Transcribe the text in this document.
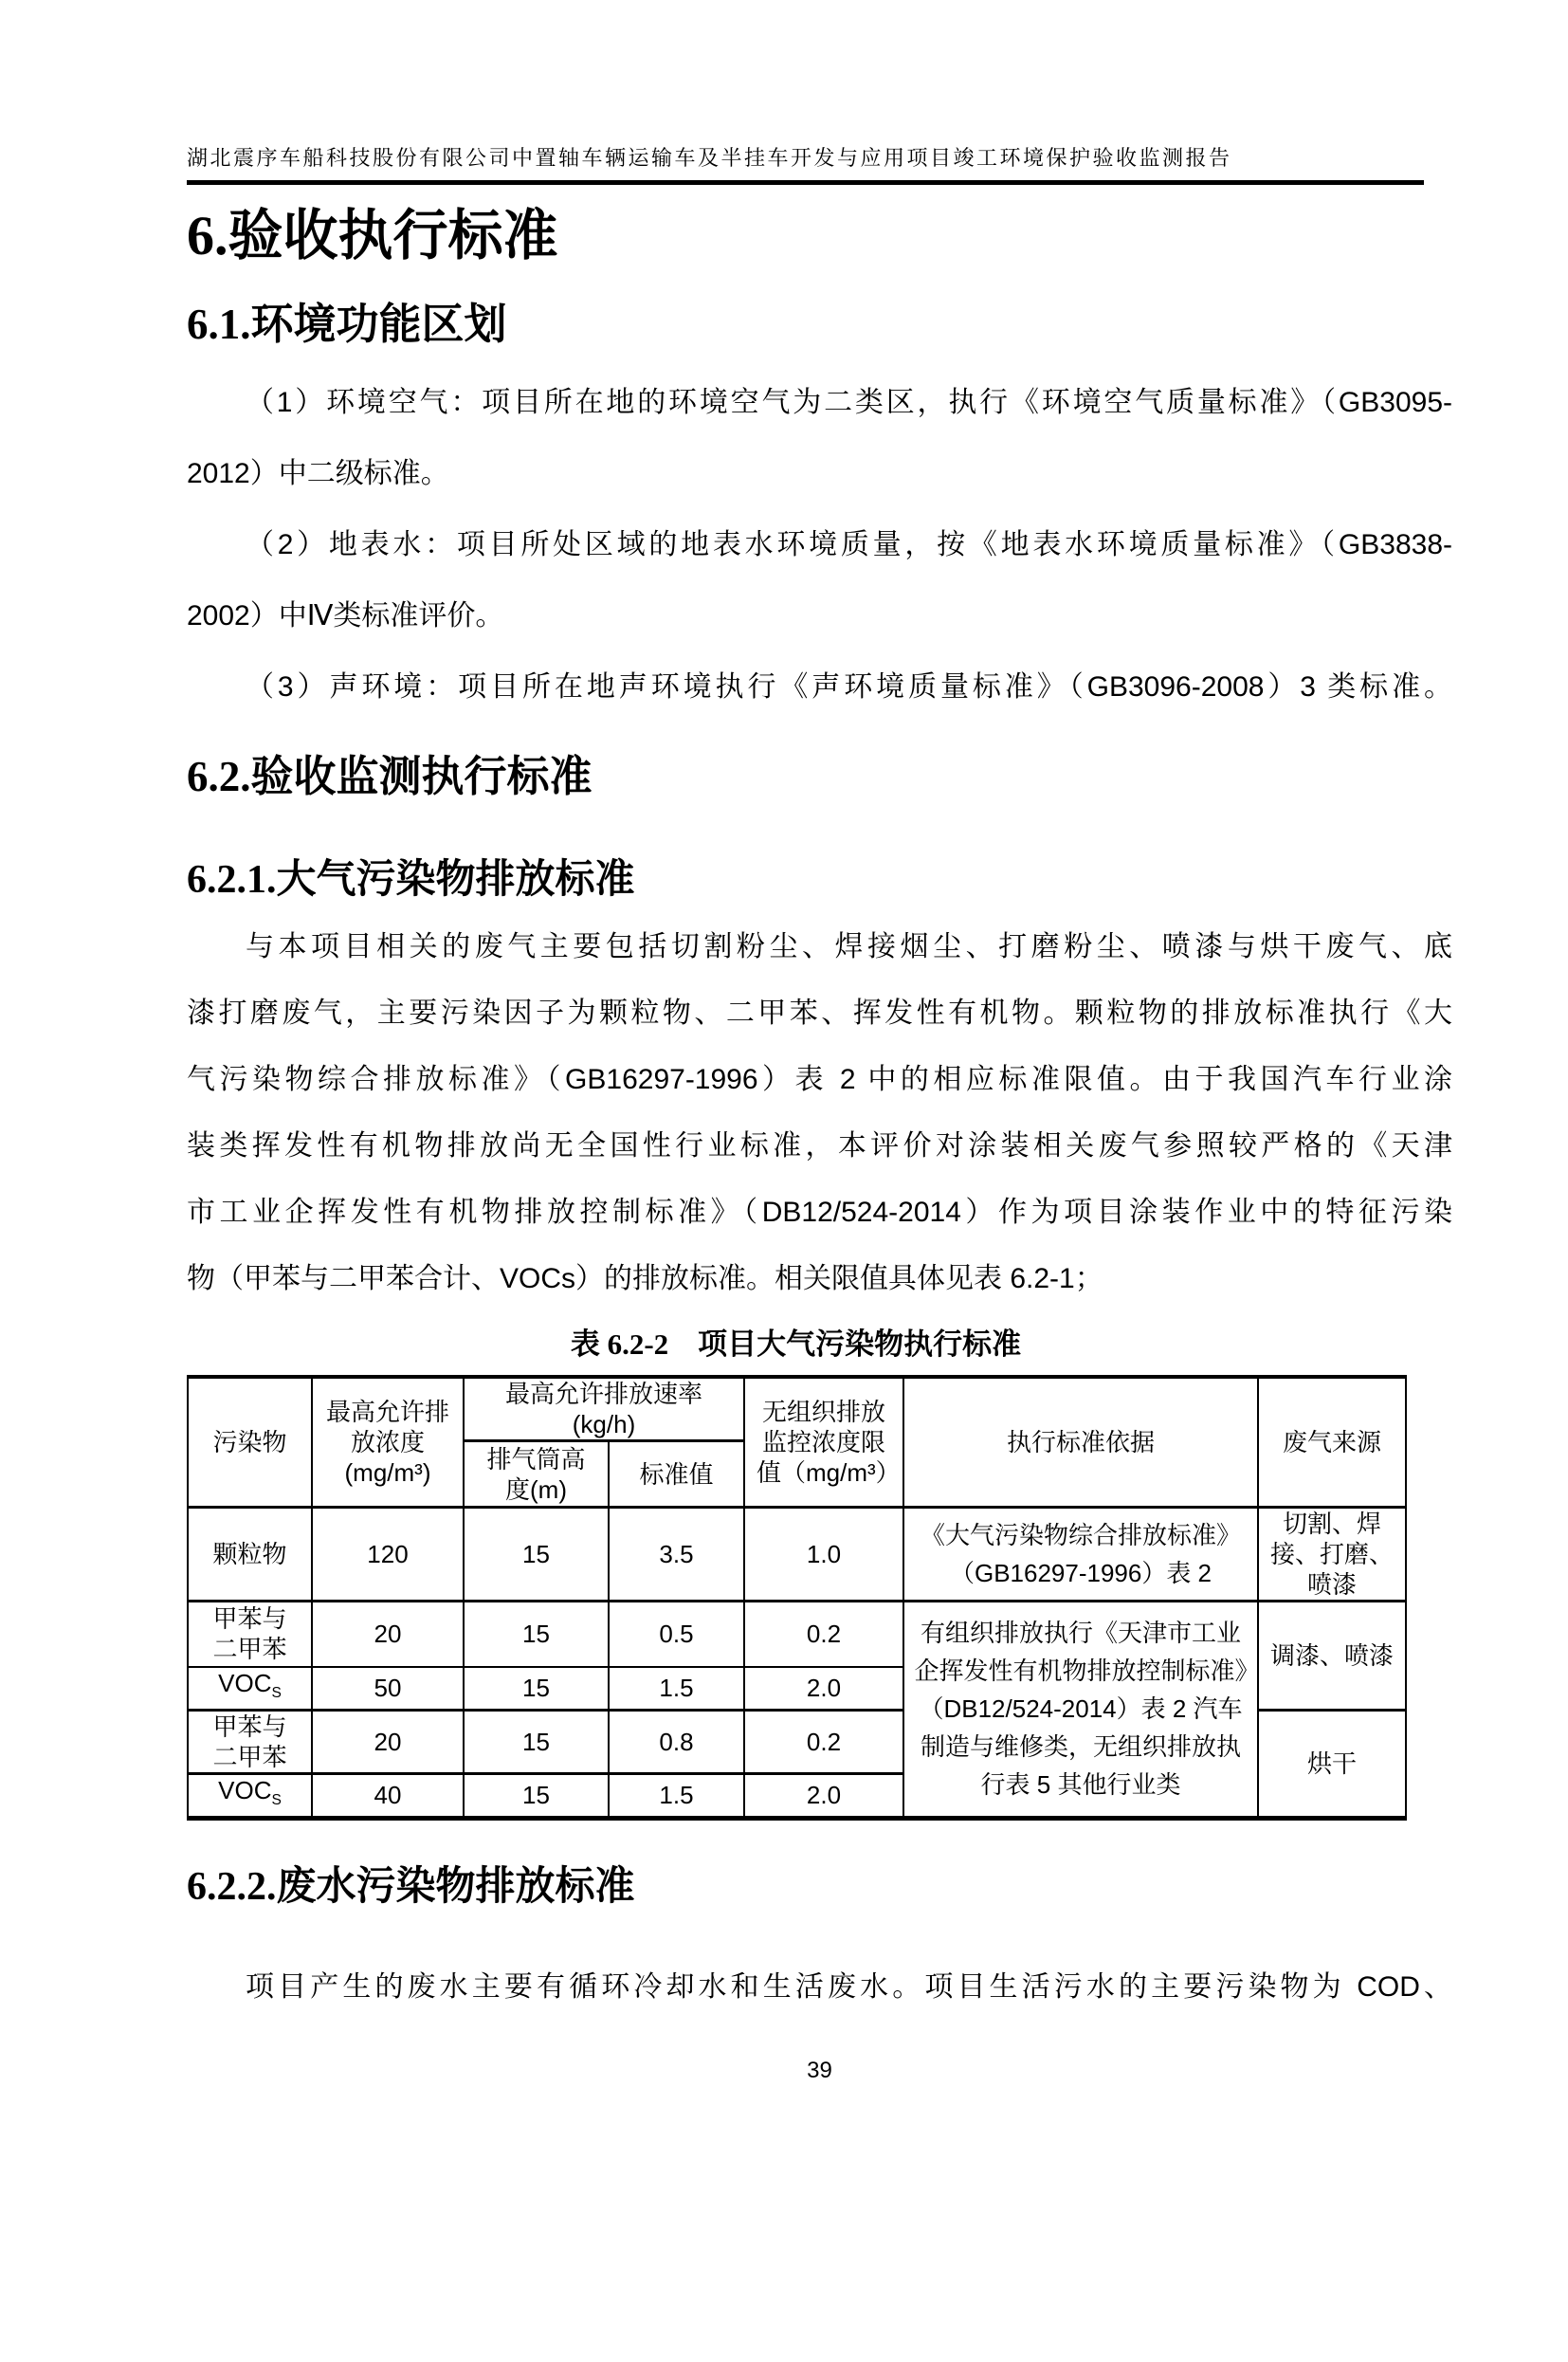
湖北震序车船科技股份有限公司中置轴车辆运输车及半挂车开发与应用项目竣工环境保护验收监测报告
6.验收执行标准
6.1.环境功能区划
（1）环境空气：项目所在地的环境空气为二类区，执行《环境空气质量标准》（GB3095-
2012）中二级标准。
（2）地表水：项目所处区域的地表水环境质量，按《地表水环境质量标准》（GB3838-
2002）中Ⅳ类标准评价。
（3）声环境：项目所在地声环境执行《声环境质量标准》（GB3096-2008）3 类标准。
6.2.验收监测执行标准
6.2.1.大气污染物排放标准
与本项目相关的废气主要包括切割粉尘、焊接烟尘、打磨粉尘、喷漆与烘干废气、底
漆打磨废气，主要污染因子为颗粒物、二甲苯、挥发性有机物。颗粒物的排放标准执行《大
气污染物综合排放标准》（GB16297-1996）表 2 中的相应标准限值。由于我国汽车行业涂
装类挥发性有机物排放尚无全国性行业标准，本评价对涂装相关废气参照较严格的《天津
市工业企挥发性有机物排放控制标准》（DB12/524-2014）作为项目涂装作业中的特征污染
物（甲苯与二甲苯合计、VOCs）的排放标准。相关限值具体见表 6.2-1；
表 6.2-2　项目大气污染物执行标准
污染物	最高允许排放浓度(mg/m³)	最高允许排放速率(kg/h)		无组织排放监控浓度限值（mg/m³）	执行标准依据	废气来源
		排气筒高度(m)	标准值			
颗粒物	120	15	3.5	1.0	《大气污染物综合排放标准》（GB16297-1996）表 2	切割、焊接、打磨、喷漆
甲苯与二甲苯	20	15	0.5	0.2	有组织排放执行《天津市工业企挥发性有机物排放控制标准》（DB12/524-2014）表 2 汽车制造与维修类，无组织排放执行表 5 其他行业类	调漆、喷漆
$VOC_S$	50	15	1.5	2.0		
甲苯与二甲苯	20	15	0.8	0.2		烘干
$VOC_S$	40	15	1.5	2.0		
6.2.2.废水污染物排放标准
项目产生的废水主要有循环冷却水和生活废水。项目生活污水的主要污染物为 COD、
39
